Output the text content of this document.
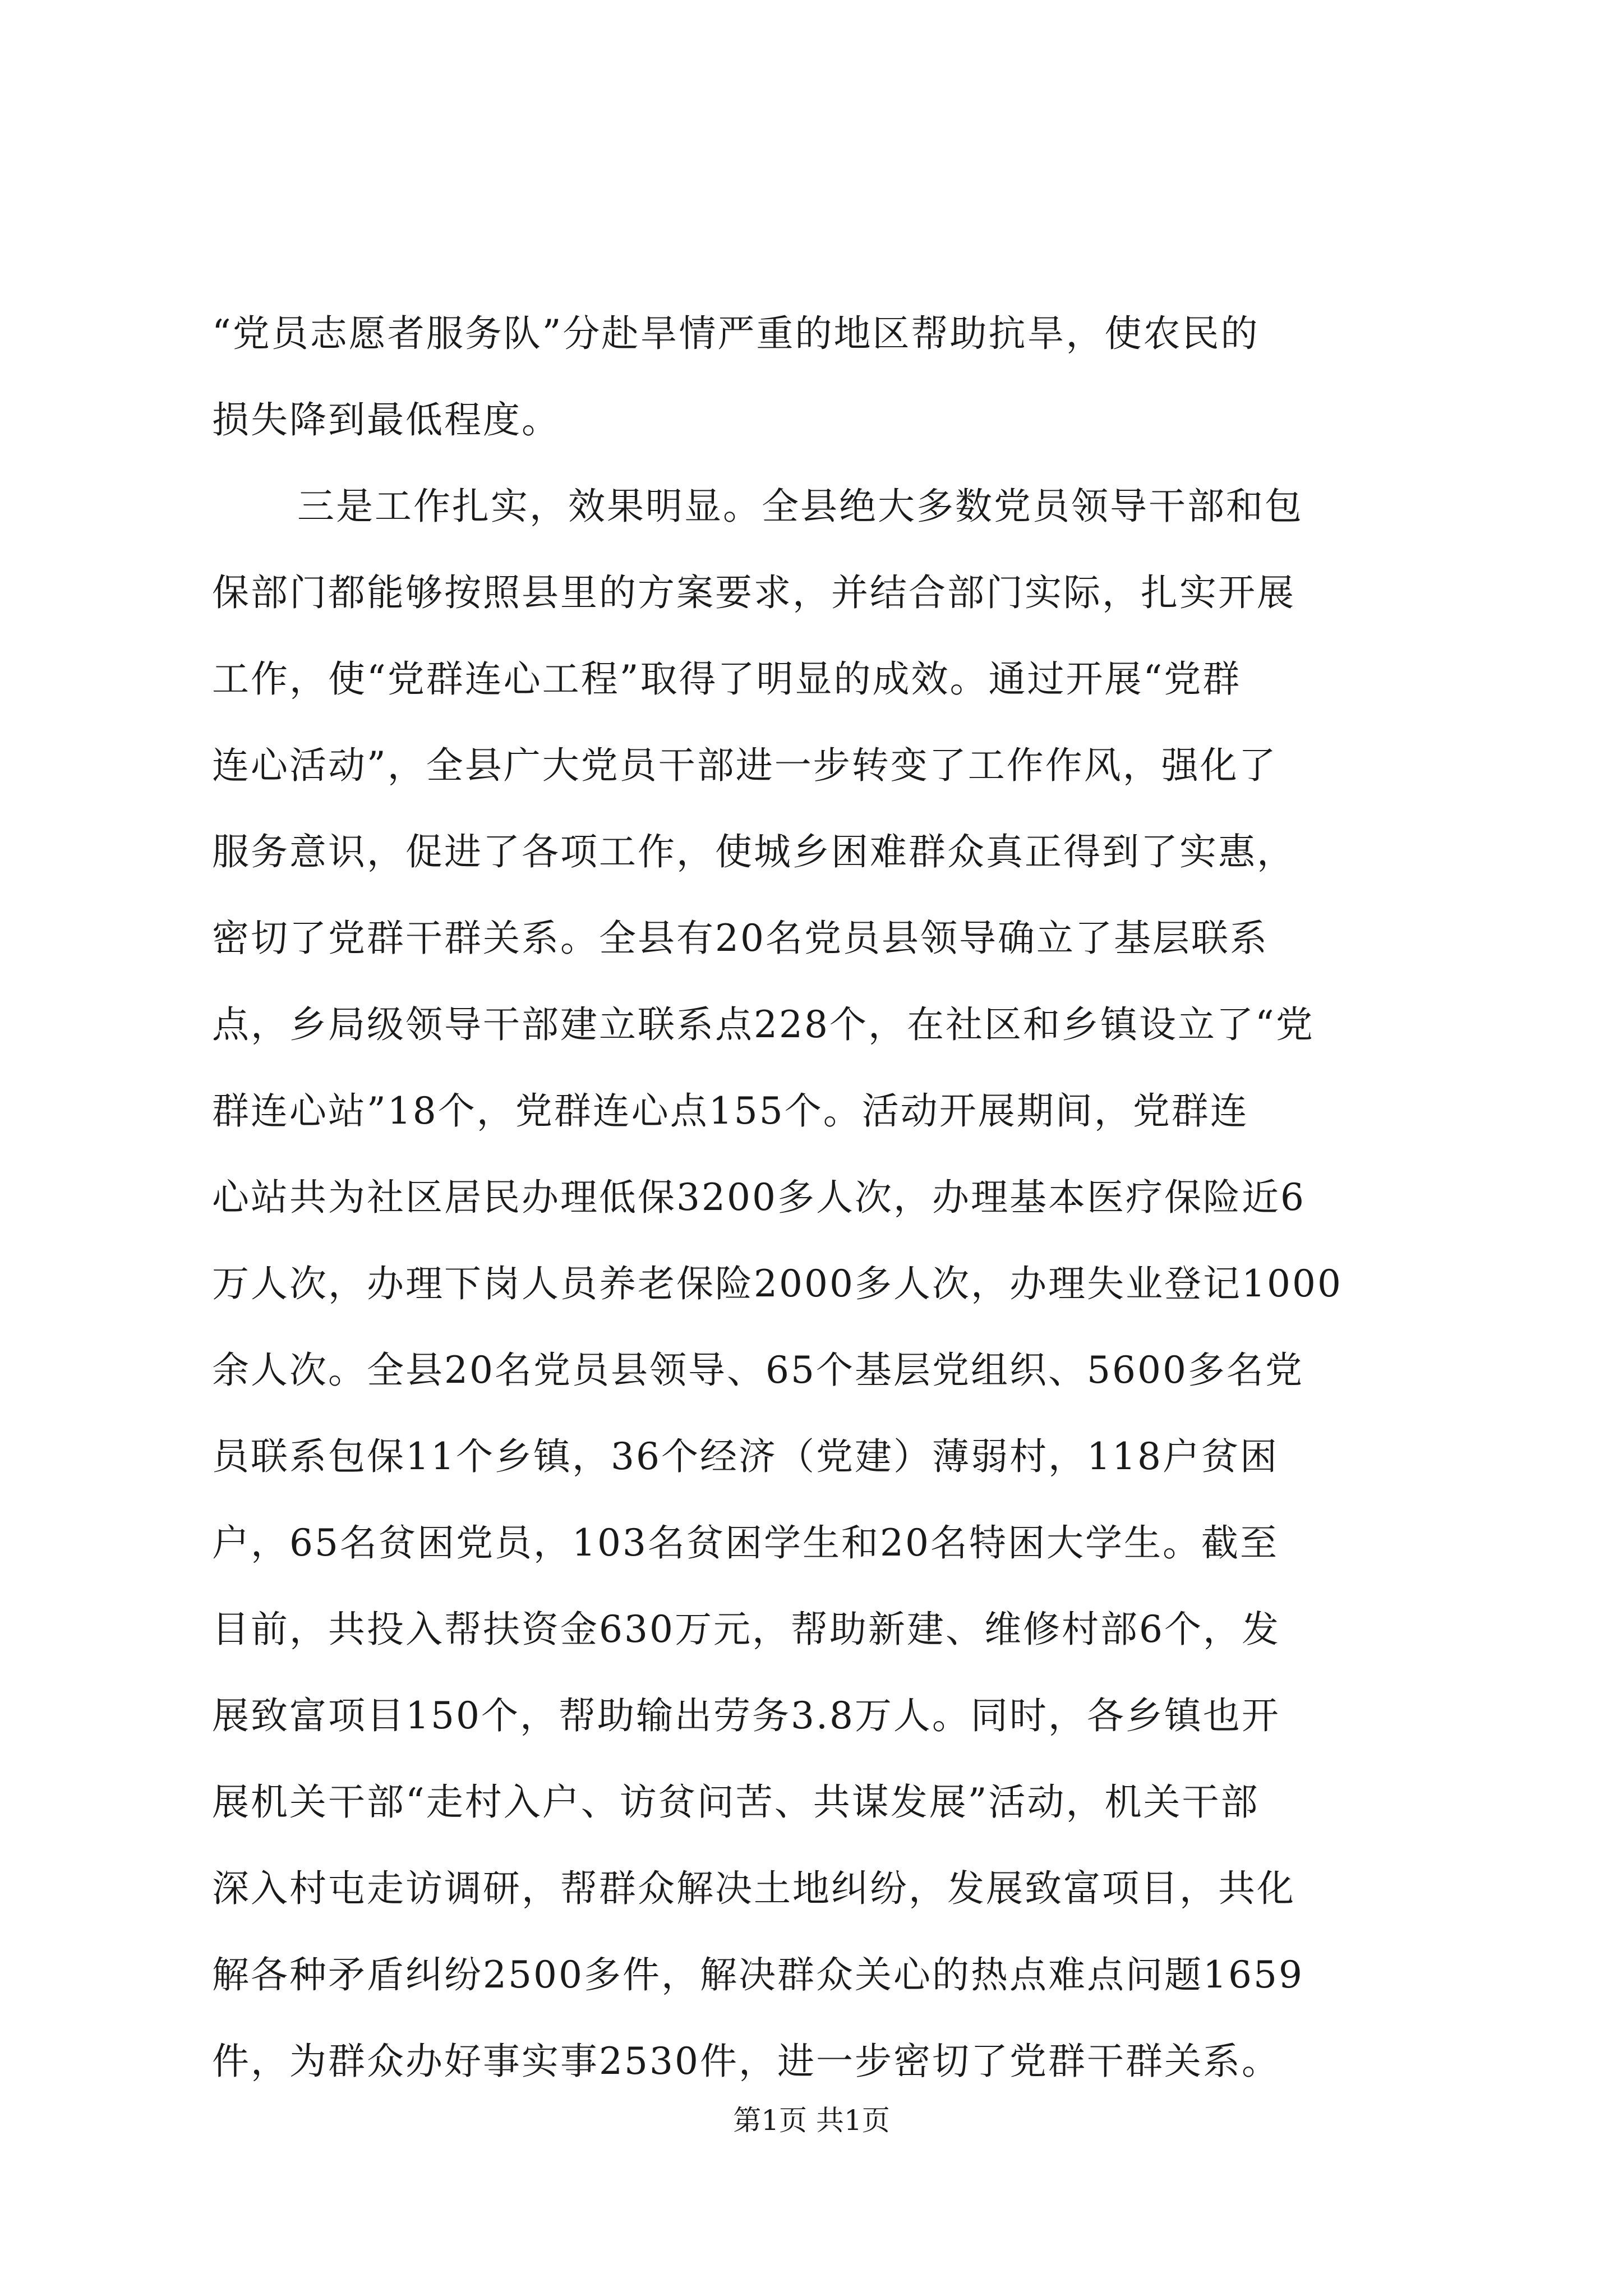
“党员志愿者服务队”分赴旱情严重的地区帮助抗旱，使农民的

损失降到最低程度。

三是工作扎实，效果明显。全县绝大多数党员领导干部和包

保部门都能够按照县里的方案要求，并结合部门实际，扎实开展

工作，使“党群连心工程”取得了明显的成效。通过开展“党群

连心活动”，全县广大党员干部进一步转变了工作作风，强化了

服务意识，促进了各项工作，使城乡困难群众真正得到了实惠，

密切了党群干群关系。全县有20名党员县领导确立了基层联系

点，乡局级领导干部建立联系点228个，在社区和乡镇设立了“党

群连心站”18个，党群连心点155个。活动开展期间，党群连

心站共为社区居民办理低保3200多人次，办理基本医疗保险近6

万人次，办理下岗人员养老保险2000多人次，办理失业登记1000

余人次。全县20名党员县领导、65个基层党组织、5600多名党

员联系包保11个乡镇，36个经济（党建）薄弱村，118户贫困

户，65名贫困党员，103名贫困学生和20名特困大学生。截至

目前，共投入帮扶资金630万元，帮助新建、维修村部6个，发

展致富项目150个，帮助输出劳务3.8万人。同时，各乡镇也开

展机关干部“走村入户、访贫问苦、共谋发展”活动，机关干部

深入村屯走访调研，帮群众解决土地纠纷，发展致富项目，共化

解各种矛盾纠纷2500多件，解决群众关心的热点难点问题1659

件，为群众办好事实事2530件，进一步密切了党群干群关系。

第1页 共1页
